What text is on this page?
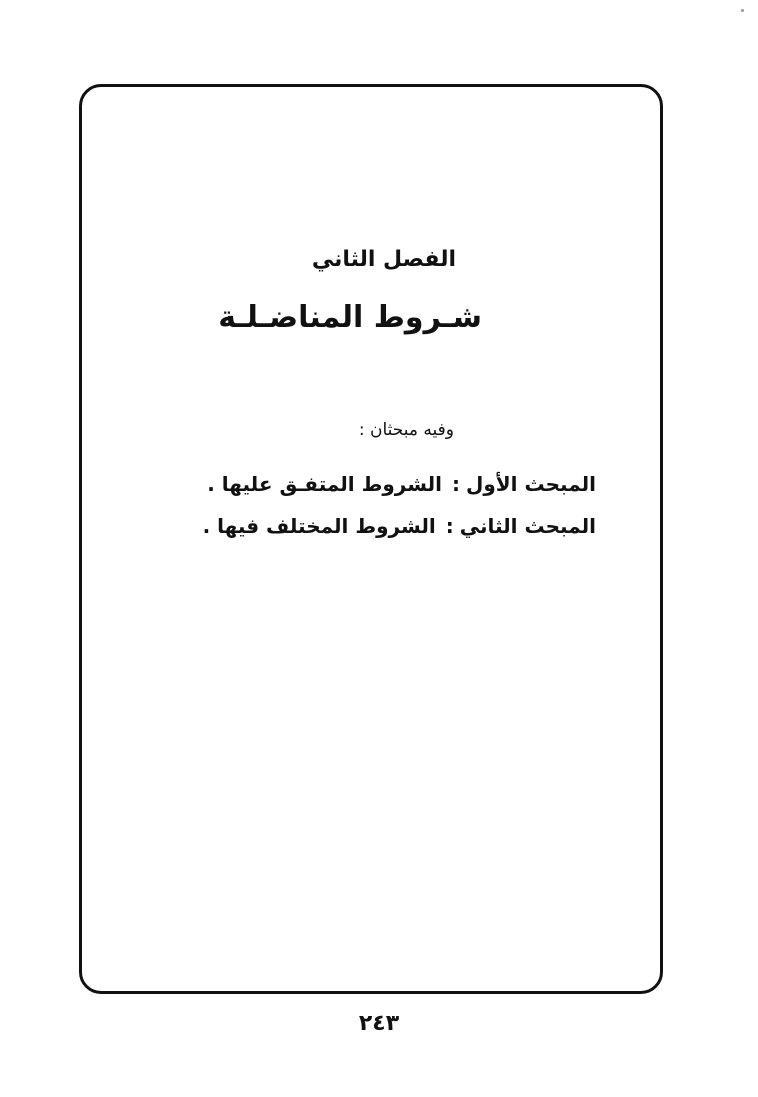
الفصل الثاني
شـروط المناضـلـة
وفيه مبحثان :
المبحث الأول:الشروط المتفـق عليها .
المبحث الثاني:الشروط المختلف فيها .
٢٤٣
